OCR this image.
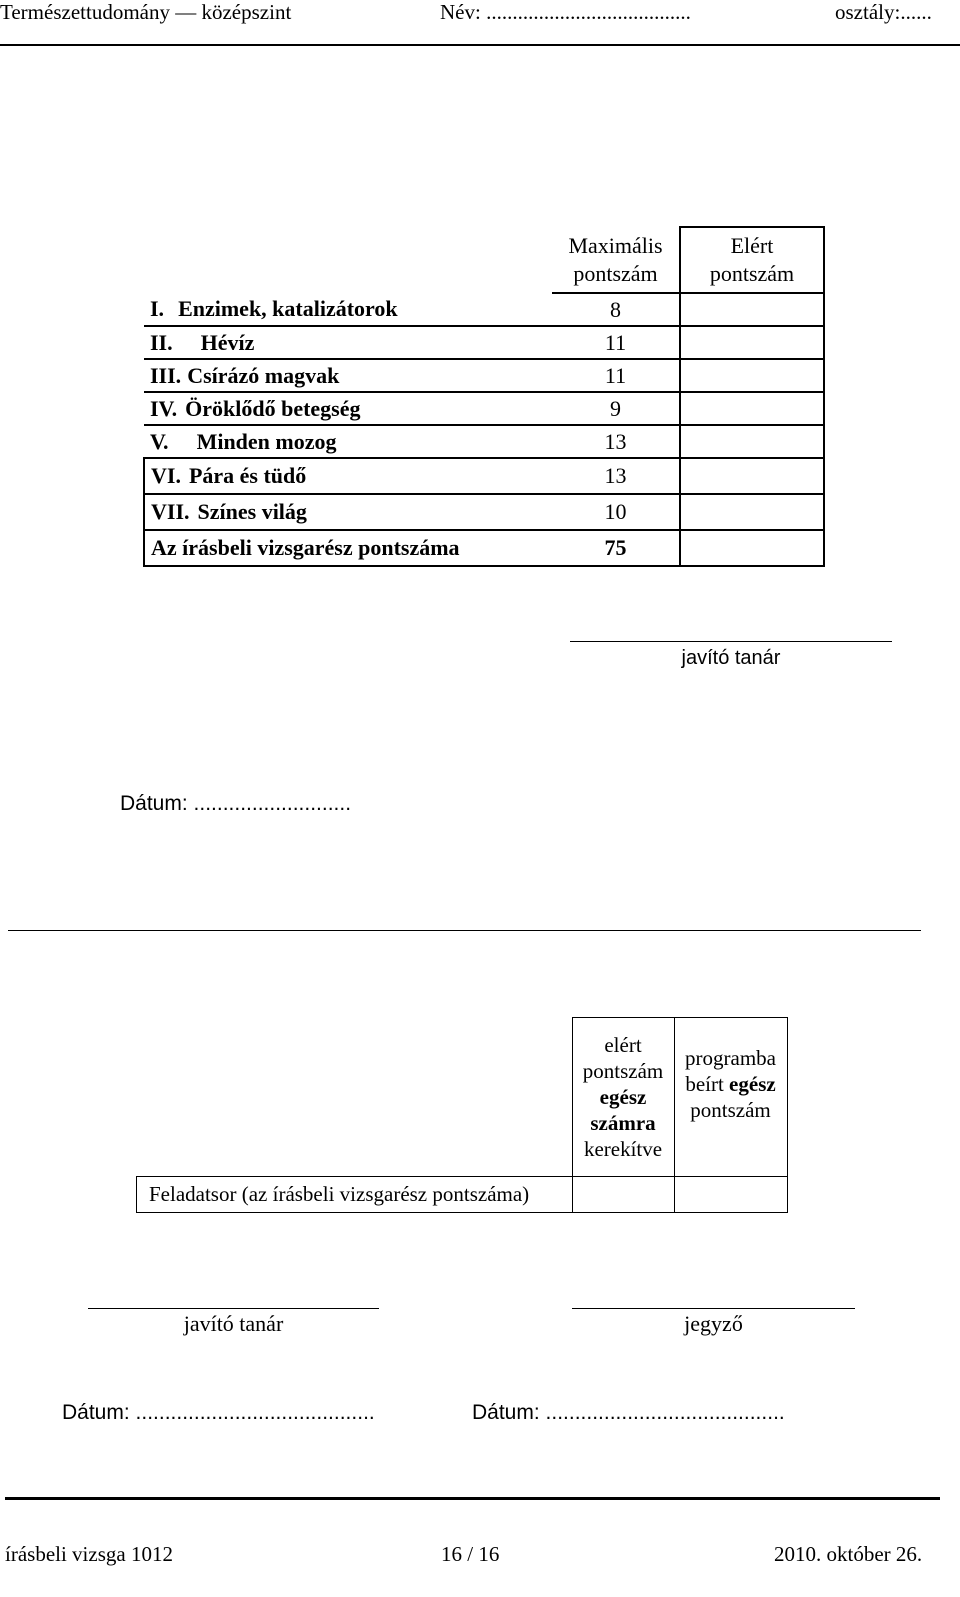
Természettudomány — középszint	Név: .......................................	osztály:......
	Maximális
pontszám	Elért
pontszám
I. Enzimek, katalizátorok	8	
II. Hévíz	11	
III. Csírázó magvak	11	
IV. Öröklődő betegség	9	
V. Minden mozog	13	
VI. Pára és tüdő	13	
VII. Színes világ	10	
Az írásbeli vizsgarész pontszáma	75	
javító tanár
Dátum: ...........................
	elért
pontszám
egész
számra
kerekítve	programba
beírt egész
pontszám
Feladatsor (az írásbeli vizsgarész pontszáma)		
javító tanár	jegyző
Dátum: .........................................	Dátum: .........................................
írásbeli vizsga 1012	16 / 16	2010. október 26.
